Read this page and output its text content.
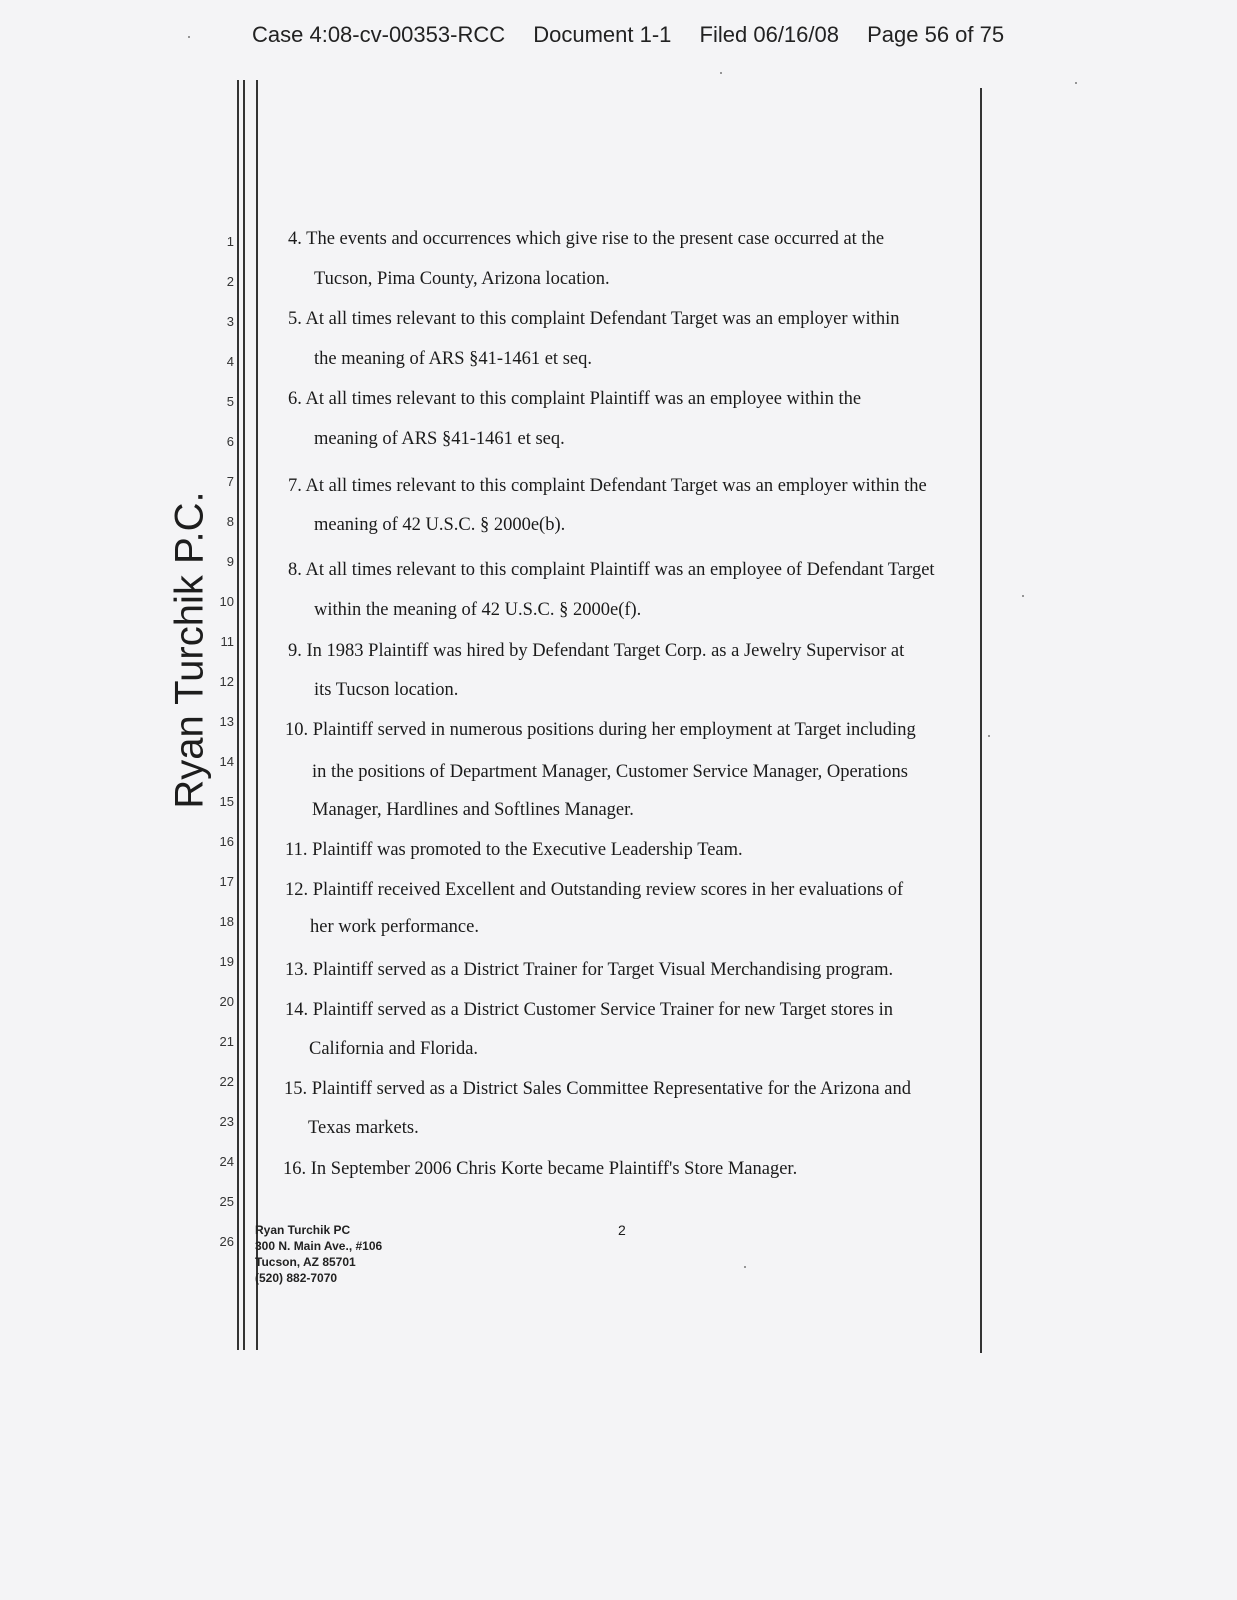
Case 4:08-cv-00353-RCC Document 1-1 Filed 06/16/08 Page 56 of 75
Ryan Turchik P.C.
1
2
3
4
5
6
7
8
9
10
11
12
13
14
15
16
17
18
19
20
21
22
23
24
25
26
4. The events and occurrences which give rise to the present case occurred at the
Tucson, Pima County, Arizona location.
5. At all times relevant to this complaint Defendant Target was an employer within
the meaning of ARS §41-1461 et seq.
6. At all times relevant to this complaint Plaintiff was an employee within the
meaning of ARS §41-1461 et seq.
7. At all times relevant to this complaint Defendant Target was an employer within the
meaning of 42 U.S.C. § 2000e(b).
8. At all times relevant to this complaint Plaintiff was an employee of Defendant Target
within the meaning of 42 U.S.C. § 2000e(f).
9. In 1983 Plaintiff was hired by Defendant Target Corp. as a Jewelry Supervisor at
its Tucson location.
10. Plaintiff served in numerous positions during her employment at Target including
in the positions of Department Manager, Customer Service Manager, Operations
Manager, Hardlines and Softlines Manager.
11. Plaintiff was promoted to the Executive Leadership Team.
12. Plaintiff received Excellent and Outstanding review scores in her evaluations of
her work performance.
13. Plaintiff served as a District Trainer for Target Visual Merchandising program.
14. Plaintiff served as a District Customer Service Trainer for new Target stores in
California and Florida.
15. Plaintiff served as a District Sales Committee Representative for the Arizona and
Texas markets.
16. In September 2006 Chris Korte became Plaintiff's Store Manager.
Ryan Turchik PC
300 N. Main Ave., #106
Tucson, AZ 85701
(520) 882-7070
2
